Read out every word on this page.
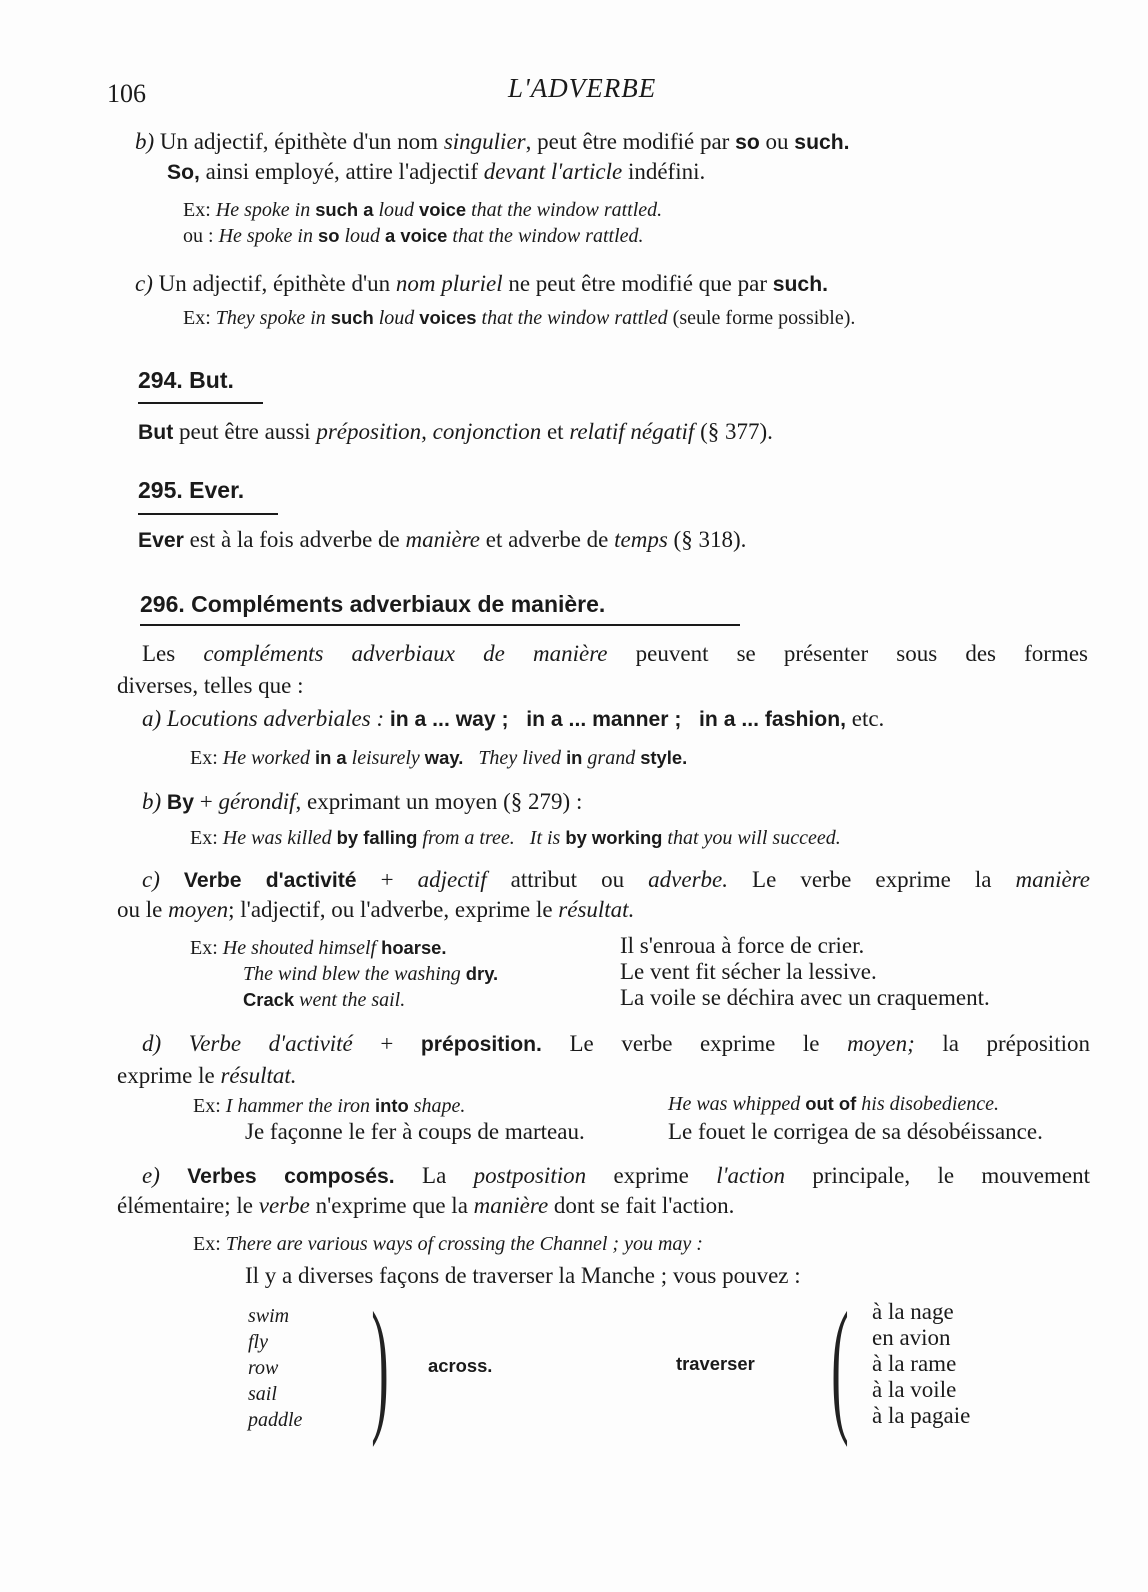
106	L'ADVERBE
)	(
b) Un adjectif, épithète d'un nom singulier, peut être modifié par so ou such.
So, ainsi employé, attire l'adjectif devant l'article indéfini.
Ex: He spoke in such a loud voice that the window rattled.
ou : He spoke in so loud a voice that the window rattled.
c) Un adjectif, épithète d'un nom pluriel ne peut être modifié que par such.
Ex: They spoke in such loud voices that the window rattled (seule forme possible).
294. But.
But peut être aussi préposition, conjonction et relatif négatif (§ 377).
295. Ever.
Ever est à la fois adverbe de manière et adverbe de temps (§ 318).
296. Compléments adverbiaux de manière.
Les compléments adverbiaux de manière peuvent se présenter sous des formes
diverses, telles que :
a) Locutions adverbiales : in a ... way ;   in a ... manner ;   in a ... fashion, etc.
Ex: He worked in a leisurely way.   They lived in grand style.
b) By + gérondif, exprimant un moyen (§ 279) :
Ex: He was killed by falling from a tree.   It is by working that you will succeed.
c) Verbe d'activité + adjectif attribut ou adverbe. Le verbe exprime la manière
ou le moyen; l'adjectif, ou l'adverbe, exprime le résultat.
Ex: He shouted himself hoarse.	Il s'enroua à force de crier.
The wind blew the washing dry.	Le vent fit sécher la lessive.
Crack went the sail.	La voile se déchira avec un craquement.
d) Verbe d'activité + préposition. Le verbe exprime le moyen; la préposition
exprime le résultat.
Ex: I hammer the iron into shape.	He was whipped out of his disobedience.
Je façonne le fer à coups de marteau.	Le fouet le corrigea de sa désobéissance.
e) Verbes composés. La postposition exprime l'action principale, le mouvement
élémentaire; le verbe n'exprime que la manière dont se fait l'action.
Ex: There are various ways of crossing the Channel ; you may :
Il y a diverses façons de traverser la Manche ; vous pouvez :
swim
fly
row
sail
paddle
across.	traverser
à la nage
en avion
à la rame
à la voile
à la pagaie
